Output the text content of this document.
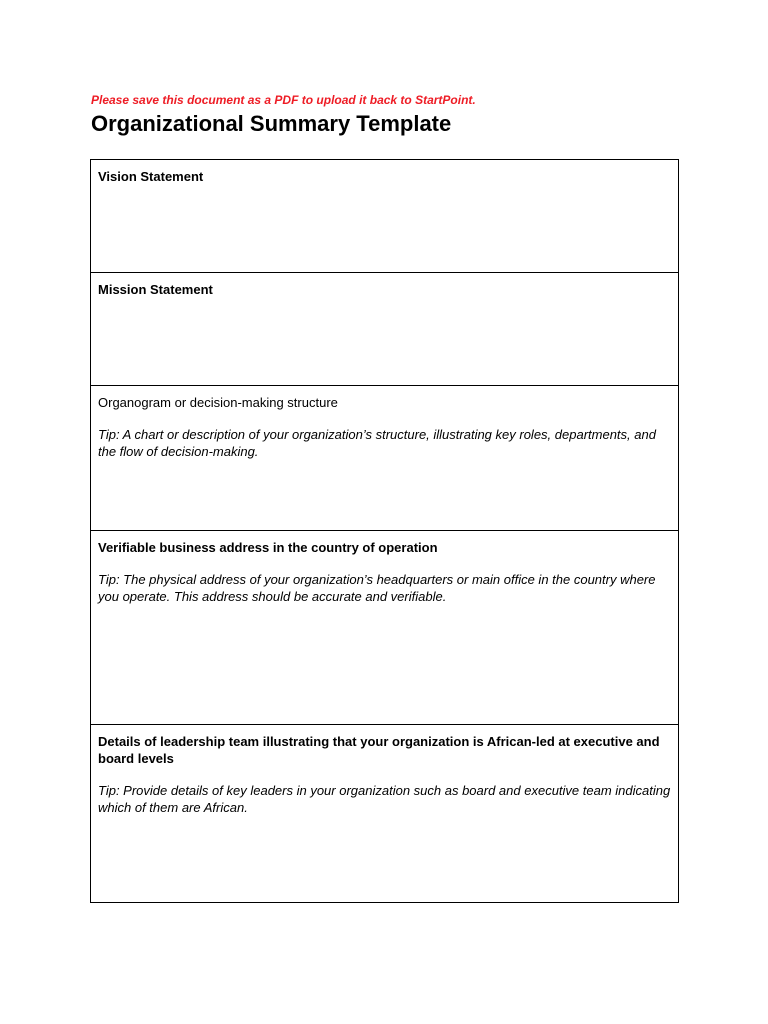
Please save this document as a PDF to upload it back to StartPoint.
Organizational Summary Template

Vision Statement

Mission Statement

Organogram or decision-making structure

Tip: A chart or description of your organization’s structure, illustrating key roles, departments, and the flow of decision-making.

Verifiable business address in the country of operation

Tip: The physical address of your organization’s headquarters or main office in the country where you operate. This address should be accurate and verifiable.

Details of leadership team illustrating that your organization is African-led at executive and board levels

Tip: Provide details of key leaders in your organization such as board and executive team indicating which of them are African.
